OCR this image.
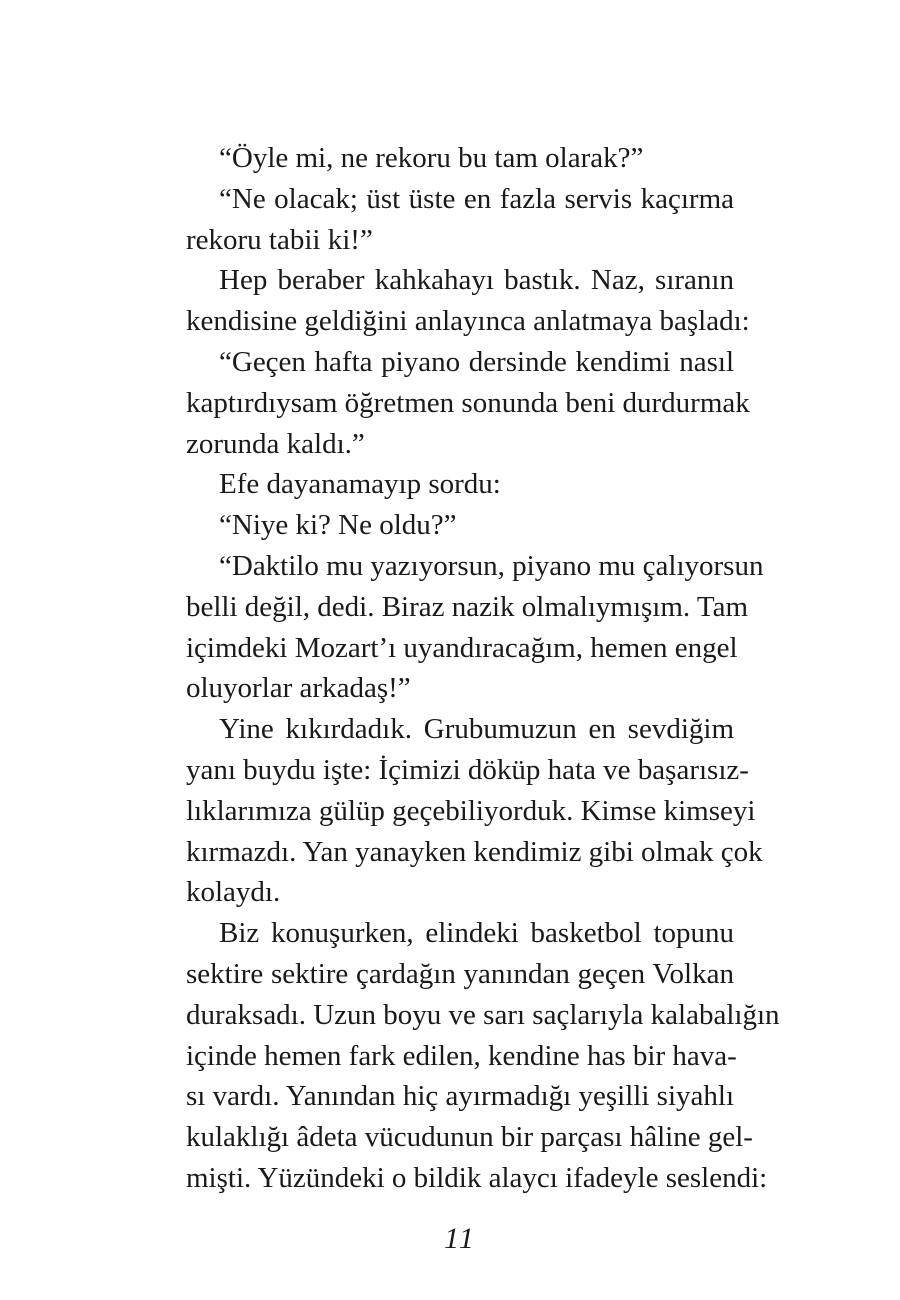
“Öyle mi, ne rekoru bu tam olarak?”
“Ne olacak; üst üste en fazla servis kaçırma
rekoru tabii ki!”
Hep beraber kahkahayı bastık. Naz, sıranın
kendisine geldiğini anlayınca anlatmaya başladı:
“Geçen hafta piyano dersinde kendimi nasıl
kaptırdıysam öğretmen sonunda beni durdurmak
zorunda kaldı.”
Efe dayanamayıp sordu:
“Niye ki? Ne oldu?”
“Daktilo mu yazıyorsun, piyano mu çalıyorsun
belli değil, dedi. Biraz nazik olmalıymışım. Tam
içimdeki Mozart’ı uyandıracağım, hemen engel
oluyorlar arkadaş!”
Yine kıkırdadık. Grubumuzun en sevdiğim
yanı buydu işte: İçimizi döküp hata ve başarısız-
lıklarımıza gülüp geçebiliyorduk. Kimse kimseyi
kırmazdı. Yan yanayken kendimiz gibi olmak çok
kolaydı.
Biz konuşurken, elindeki basketbol topunu
sektire sektire çardağın yanından geçen Volkan
duraksadı. Uzun boyu ve sarı saçlarıyla kalabalığın
içinde hemen fark edilen, kendine has bir hava-
sı vardı. Yanından hiç ayırmadığı yeşilli siyahlı
kulaklığı âdeta vücudunun bir parçası hâline gel-
mişti. Yüzündeki o bildik alaycı ifadeyle seslendi:
11
